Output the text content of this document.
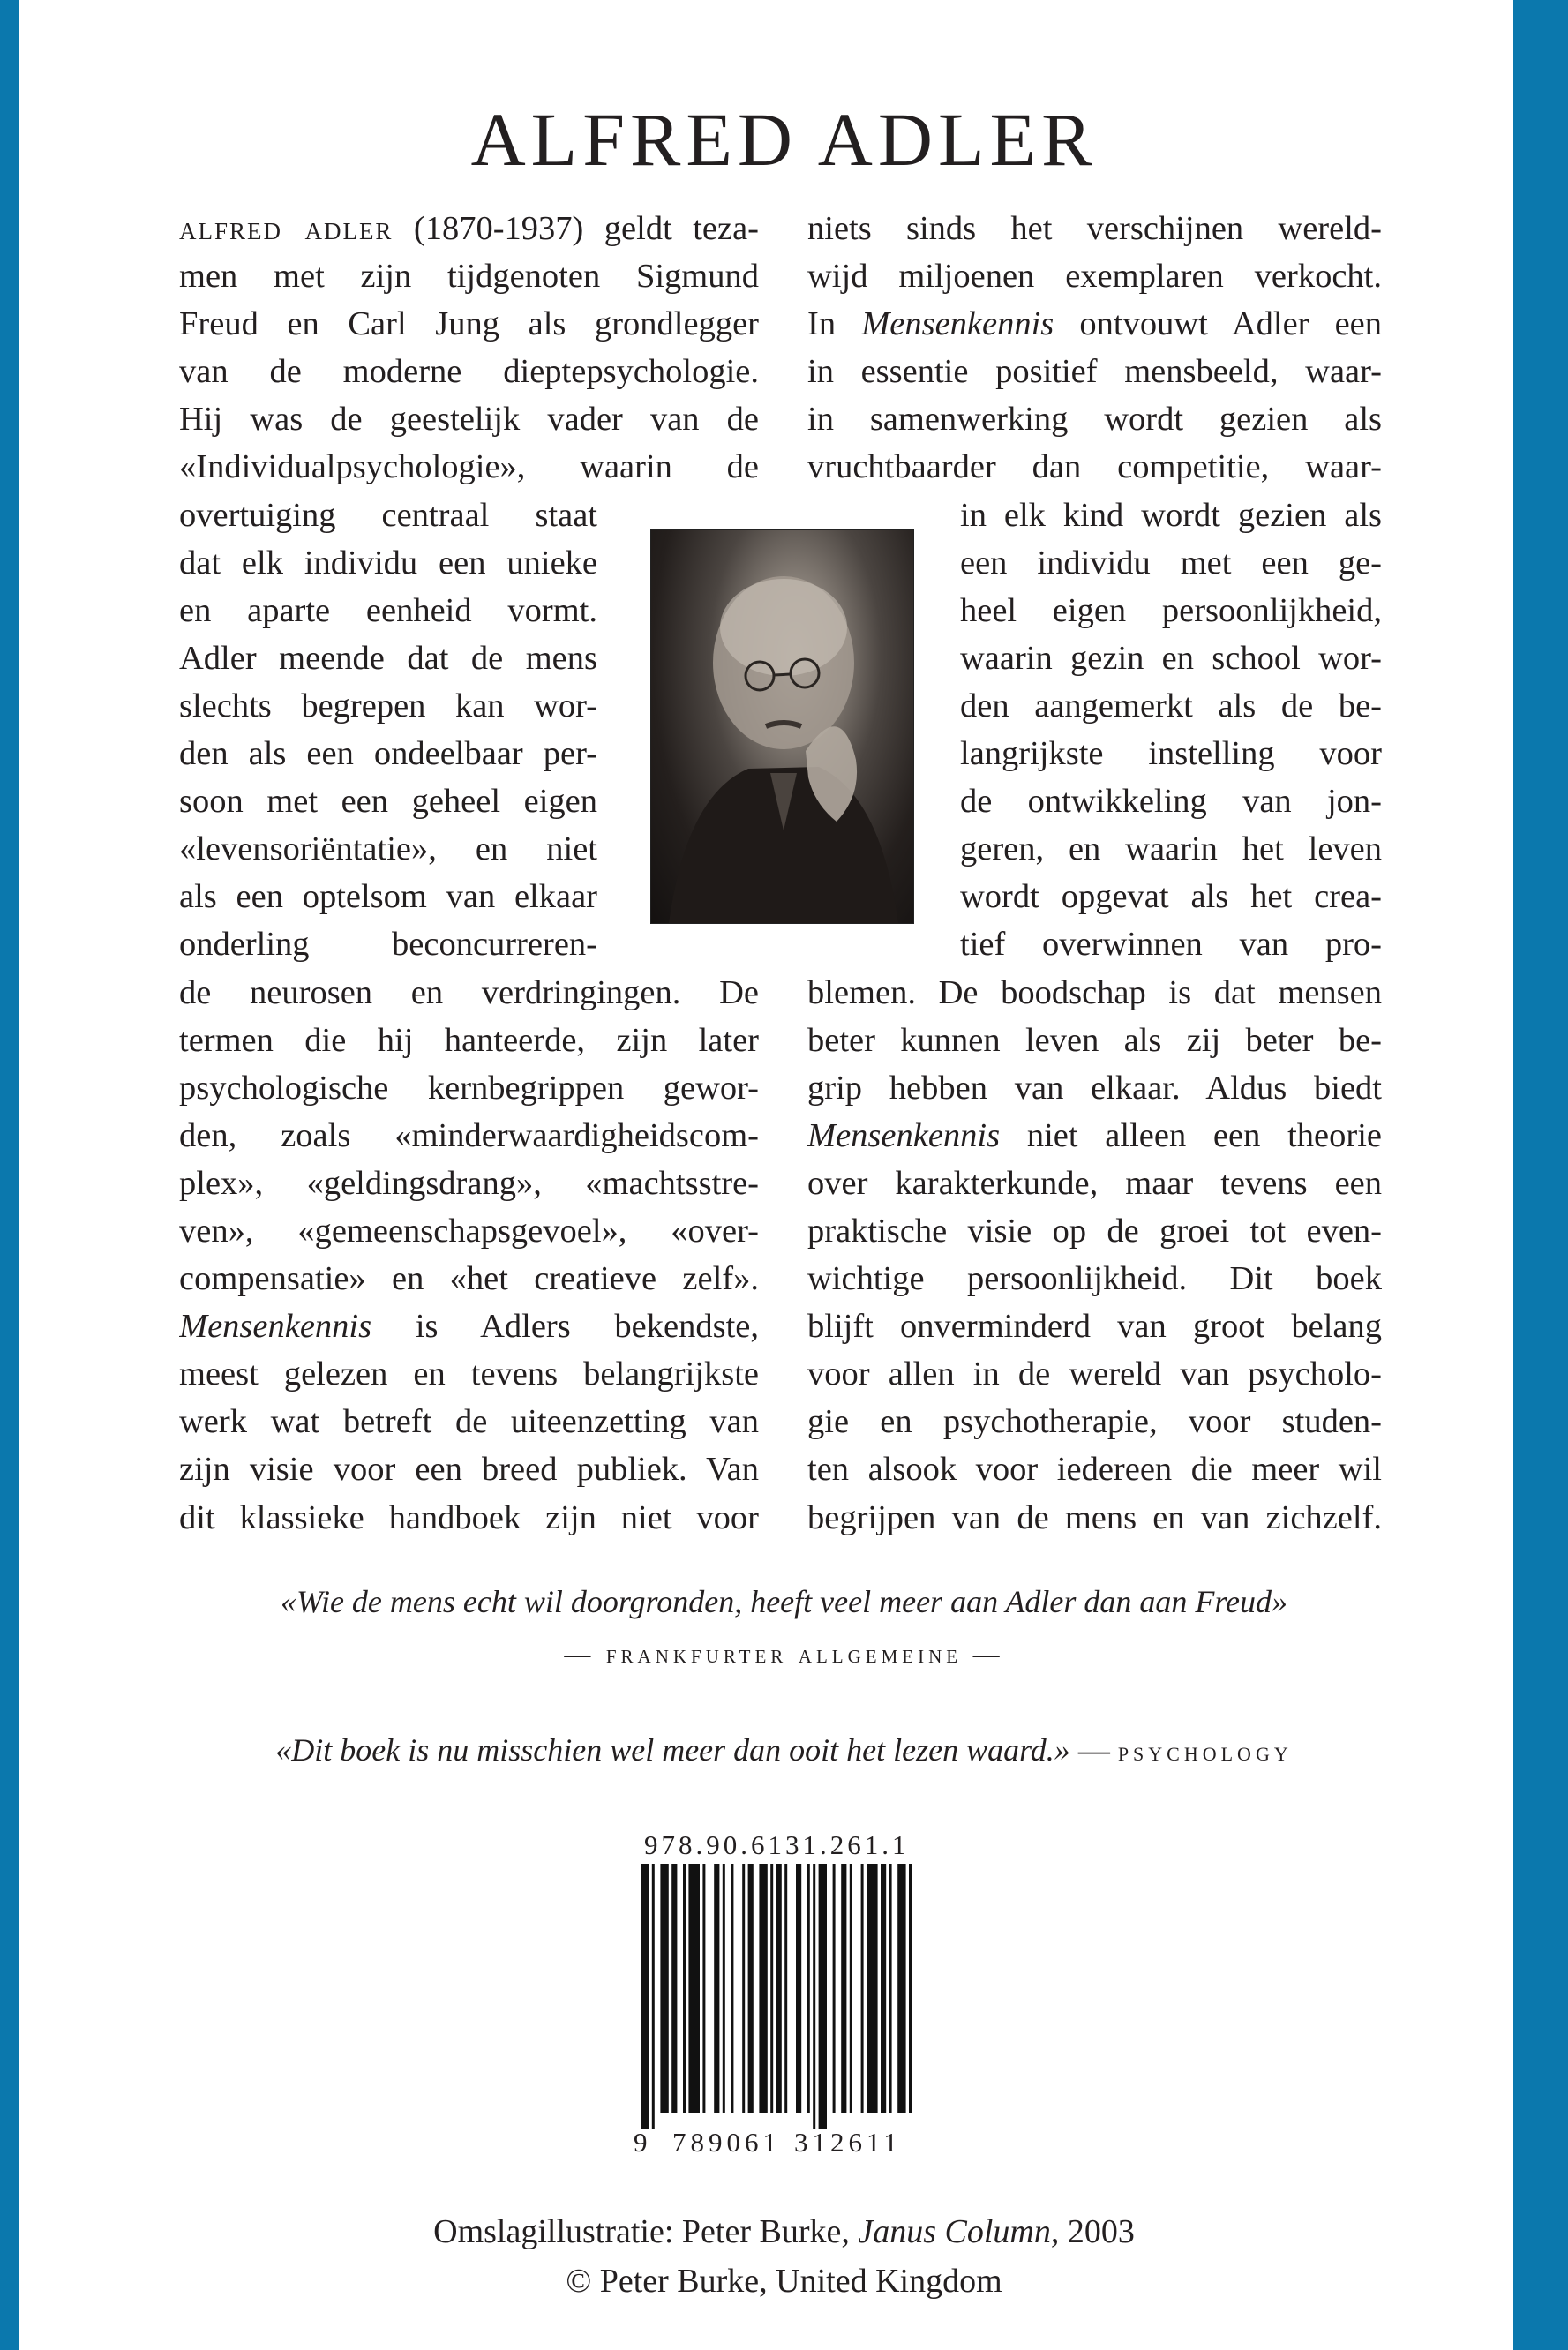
ALFRED ADLER
alfred adler (1870-1937) geldt teza-
men met zijn tijdgenoten Sigmund
Freud en Carl Jung als grondlegger
van de moderne dieptepsychologie.
Hij was de geestelijk vader van de
«Individualpsychologie», waarin de
overtuiging centraal staat
dat elk individu een unieke
en aparte eenheid vormt.
Adler meende dat de mens
slechts begrepen kan wor-
den als een ondeelbaar per-
soon met een geheel eigen
«levensoriëntatie», en niet
als een optelsom van elkaar
onderling beconcurreren-
de neurosen en verdringingen. De
termen die hij hanteerde, zijn later
psychologische kernbegrippen gewor-
den, zoals «minderwaardigheidscom-
plex», «geldingsdrang», «machtsstre-
ven», «gemeenschapsgevoel», «over-
compensatie» en «het creatieve zelf».
Mensenkennis is Adlers bekendste,
meest gelezen en tevens belangrijkste
werk wat betreft de uiteenzetting van
zijn visie voor een breed publiek. Van
dit klassieke handboek zijn niet voor
niets sinds het verschijnen wereld-
wijd miljoenen exemplaren verkocht.
In Mensenkennis ontvouwt Adler een
in essentie positief mensbeeld, waar-
in samenwerking wordt gezien als
vruchtbaarder dan competitie, waar-
in elk kind wordt gezien als
een individu met een ge-
heel eigen persoonlijkheid,
waarin gezin en school wor-
den aangemerkt als de be-
langrijkste instelling voor
de ontwikkeling van jon-
geren, en waarin het leven
wordt opgevat als het crea-
tief overwinnen van pro-
blemen. De boodschap is dat mensen
beter kunnen leven als zij beter be-
grip hebben van elkaar. Aldus biedt
Mensenkennis niet alleen een theorie
over karakterkunde, maar tevens een
praktische visie op de groei tot even-
wichtige persoonlijkheid. Dit boek
blijft onverminderd van groot belang
voor allen in de wereld van psycholo-
gie en psychotherapie, voor studen-
ten alsook voor iedereen die meer wil
begrijpen van de mens en van zichzelf.
«Wie de mens echt wil doorgronden, heeft veel meer aan Adler dan aan Freud»
— frankfurter allgemeine —
«Dit boek is nu misschien wel meer dan ooit het lezen waard.» — psychology
978.90.6131.261.1
9 789061 312611
Omslagillustratie: Peter Burke, Janus Column, 2003
© Peter Burke, United Kingdom
